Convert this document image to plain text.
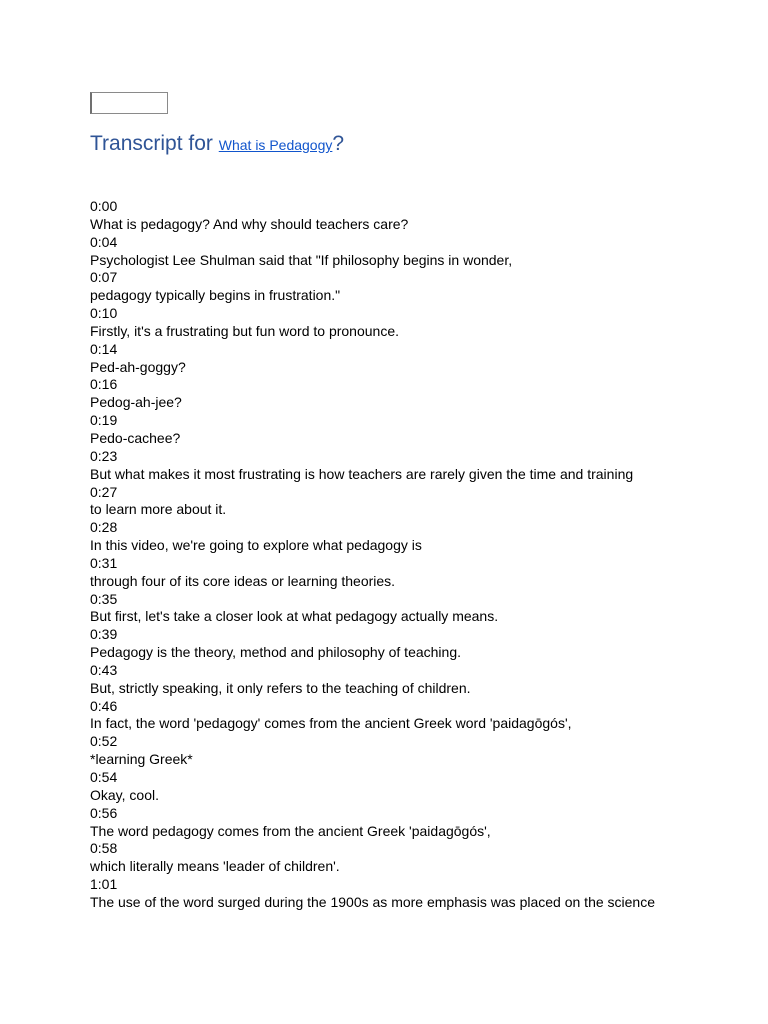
Transcript for What is Pedagogy?
0:00
What is pedagogy? And why should teachers care?
0:04
Psychologist Lee Shulman said that "If philosophy begins in wonder,
0:07
pedagogy typically begins in frustration."
0:10
Firstly, it's a frustrating but fun word to pronounce.
0:14
Ped-ah-goggy?
0:16
Pedog-ah-jee?
0:19
Pedo-cachee?
0:23
But what makes it most frustrating is how teachers are rarely given the time and training
0:27
to learn more about it.
0:28
In this video, we're going to explore what pedagogy is
0:31
through four of its core ideas or learning theories.
0:35
But first, let's take a closer look at what pedagogy actually means.
0:39
Pedagogy is the theory, method and philosophy of teaching.
0:43
But, strictly speaking, it only refers to the teaching of children.
0:46
In fact, the word 'pedagogy' comes from the ancient Greek word 'paidagōgós',
0:52
*learning Greek*
0:54
Okay, cool.
0:56
The word pedagogy comes from the ancient Greek 'paidagōgós',
0:58
which literally means 'leader of children'.
1:01
The use of the word surged during the 1900s as more emphasis was placed on the science
